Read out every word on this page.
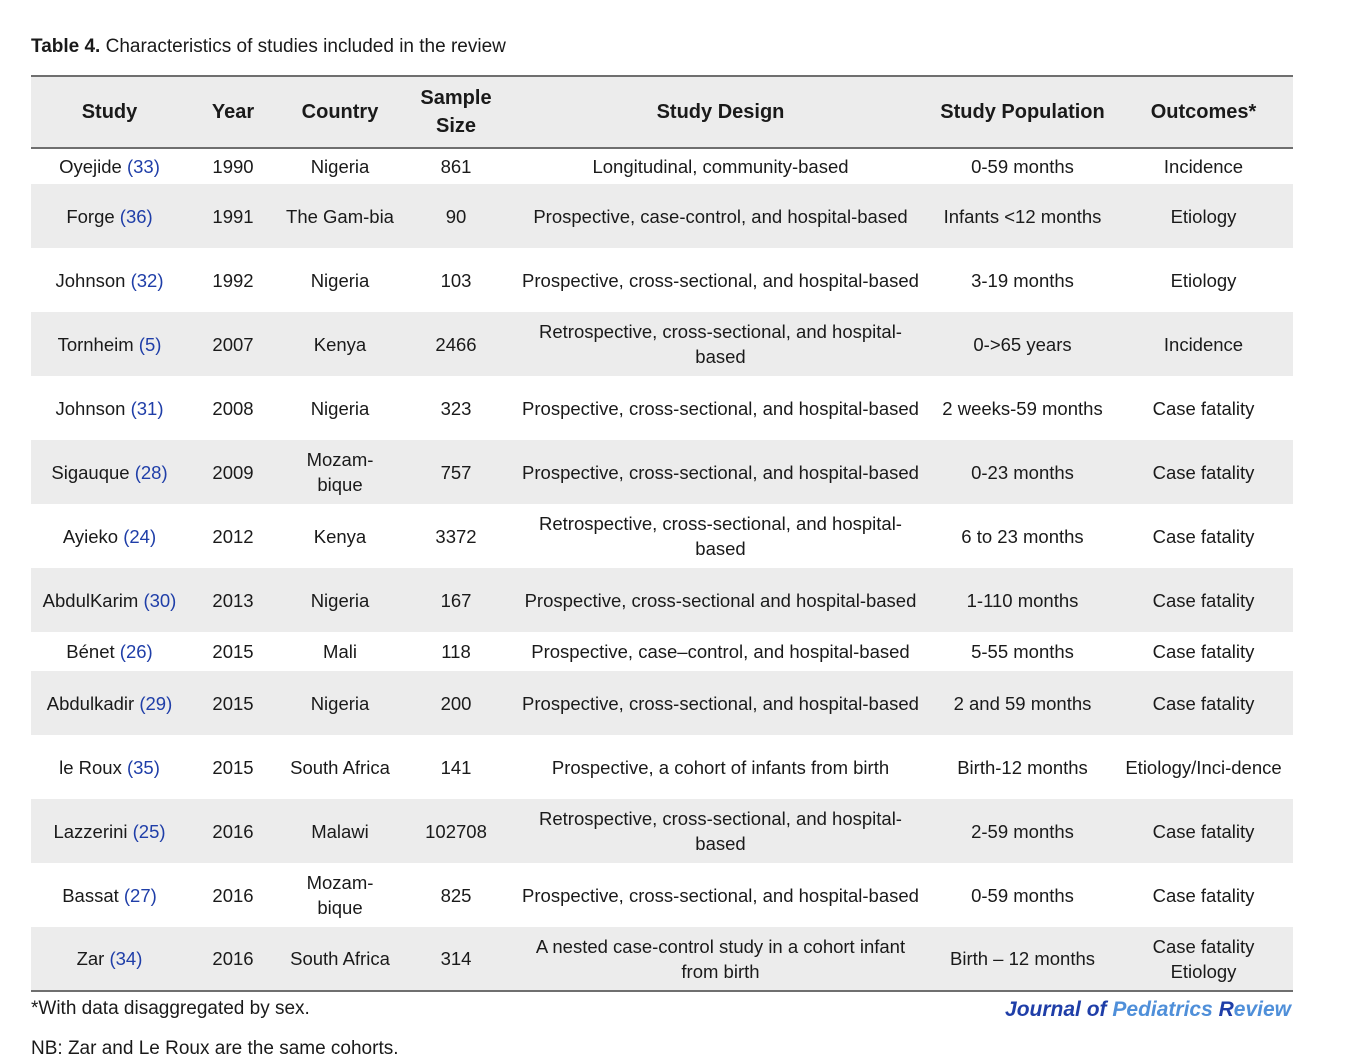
Table 4. Characteristics of studies included in the review
Study	Year	Country	Sample Size	Study Design	Study Population	Outcomes*
Oyejide (33)	1990	Nigeria	861	Longitudinal, community-based	0-59 months	Incidence
Forge (36)	1991	The Gam-bia	90	Prospective, case-control, and hospital-based	Infants <12 months	Etiology
Johnson (32)	1992	Nigeria	103	Prospective, cross-sectional, and hospital-based	3-19 months	Etiology
Tornheim (5)	2007	Kenya	2466	Retrospective, cross-sectional, and hospital-based	0->65 years	Incidence
Johnson (31)	2008	Nigeria	323	Prospective, cross-sectional, and hospital-based	2 weeks-59 months	Case fatality
Sigauque (28)	2009	Mozam-bique	757	Prospective, cross-sectional, and hospital-based	0-23 months	Case fatality
Ayieko (24)	2012	Kenya	3372	Retrospective, cross-sectional, and hospital-based	6 to 23 months	Case fatality
AbdulKarim (30)	2013	Nigeria	167	Prospective, cross-sectional and hospital-based	1-110 months	Case fatality
Bénet (26)	2015	Mali	118	Prospective, case–control, and hospital-based	5-55 months	Case fatality
Abdulkadir (29)	2015	Nigeria	200	Prospective, cross-sectional, and hospital-based	2 and 59 months	Case fatality
le Roux (35)	2015	South Africa	141	Prospective, a cohort of infants from birth	Birth-12 months	Etiology/Inci-dence
Lazzerini (25)	2016	Malawi	102708	Retrospective, cross-sectional, and hospital-based	2-59 months	Case fatality
Bassat (27)	2016	Mozam-bique	825	Prospective, cross-sectional, and hospital-based	0-59 months	Case fatality
Zar (34)	2016	South Africa	314	A nested case-control study in a cohort infant from birth	Birth – 12 months	Case fatality Etiology
*With data disaggregated by sex.
NB: Zar and Le Roux are the same cohorts.
Journal of Pediatrics Review
